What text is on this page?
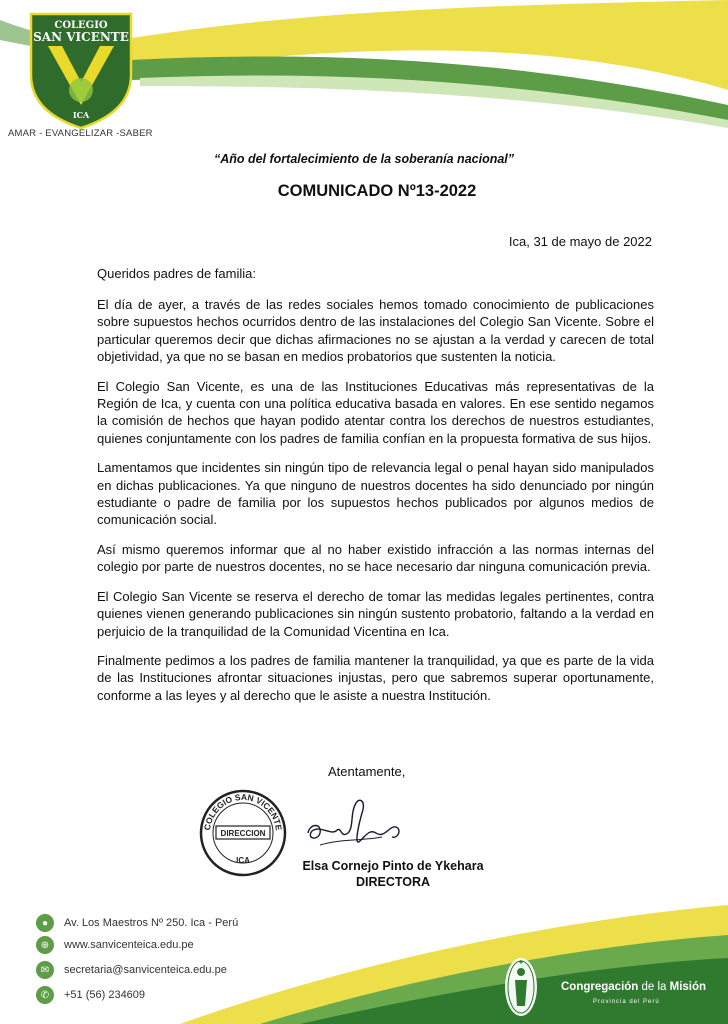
COLEGIO
SAN VICENTE
ICA
AMAR - EVANGELIZAR -SABER
“Año del fortalecimiento de la soberanía nacional”
COMUNICADO Nº13-2022
Ica, 31 de mayo de 2022
Queridos padres de familia:

El día de ayer, a través de las redes sociales hemos tomado conocimiento de publicaciones sobre supuestos hechos ocurridos dentro de las instalaciones del Colegio San Vicente. Sobre el particular queremos decir que dichas afirmaciones no se ajustan a la verdad y carecen de total objetividad, ya que no se basan en medios probatorios que sustenten la noticia.

El Colegio San Vicente, es una de las Instituciones Educativas más representativas de la Región de Ica, y cuenta con una política educativa basada en valores. En ese sentido negamos la comisión de hechos que hayan podido atentar contra los derechos de nuestros estudiantes, quienes conjuntamente con los padres de familia confían en la propuesta formativa de sus hijos.

Lamentamos que incidentes sin ningún tipo de relevancia legal o penal hayan sido manipulados en dichas publicaciones. Ya que ninguno de nuestros docentes ha sido denunciado por ningún estudiante o padre de familia por los supuestos hechos publicados por algunos medios de comunicación social.

Así mismo queremos informar que al no haber existido infracción a las normas internas del colegio por parte de nuestros docentes, no se hace necesario dar ninguna comunicación previa.

El Colegio San Vicente se reserva el derecho de tomar las medidas legales pertinentes, contra quienes vienen generando publicaciones sin ningún sustento probatorio, faltando a la verdad en perjuicio de la tranquilidad de la Comunidad Vicentina en Ica.

Finalmente pedimos a los padres de familia mantener la tranquilidad, ya que es parte de la vida de las Instituciones afrontar situaciones injustas, pero que sabremos superar oportunamente, conforme a las leyes y al derecho que le asiste a nuestra Institución.

Atentamente,
COLEGIO SAN VICENTE
DIRECCION
ICA	Elsa Cornejo Pinto de Ykehara
DIRECTORA
●	Av. Los Maestros Nº 250. Ica - Perú
⊕	www.sanvicenteica.edu.pe
✉	secretaria@sanvicenteica.edu.pe
✆	+51 (56) 234609
Congregación de la Misión
Provincia del Perú
